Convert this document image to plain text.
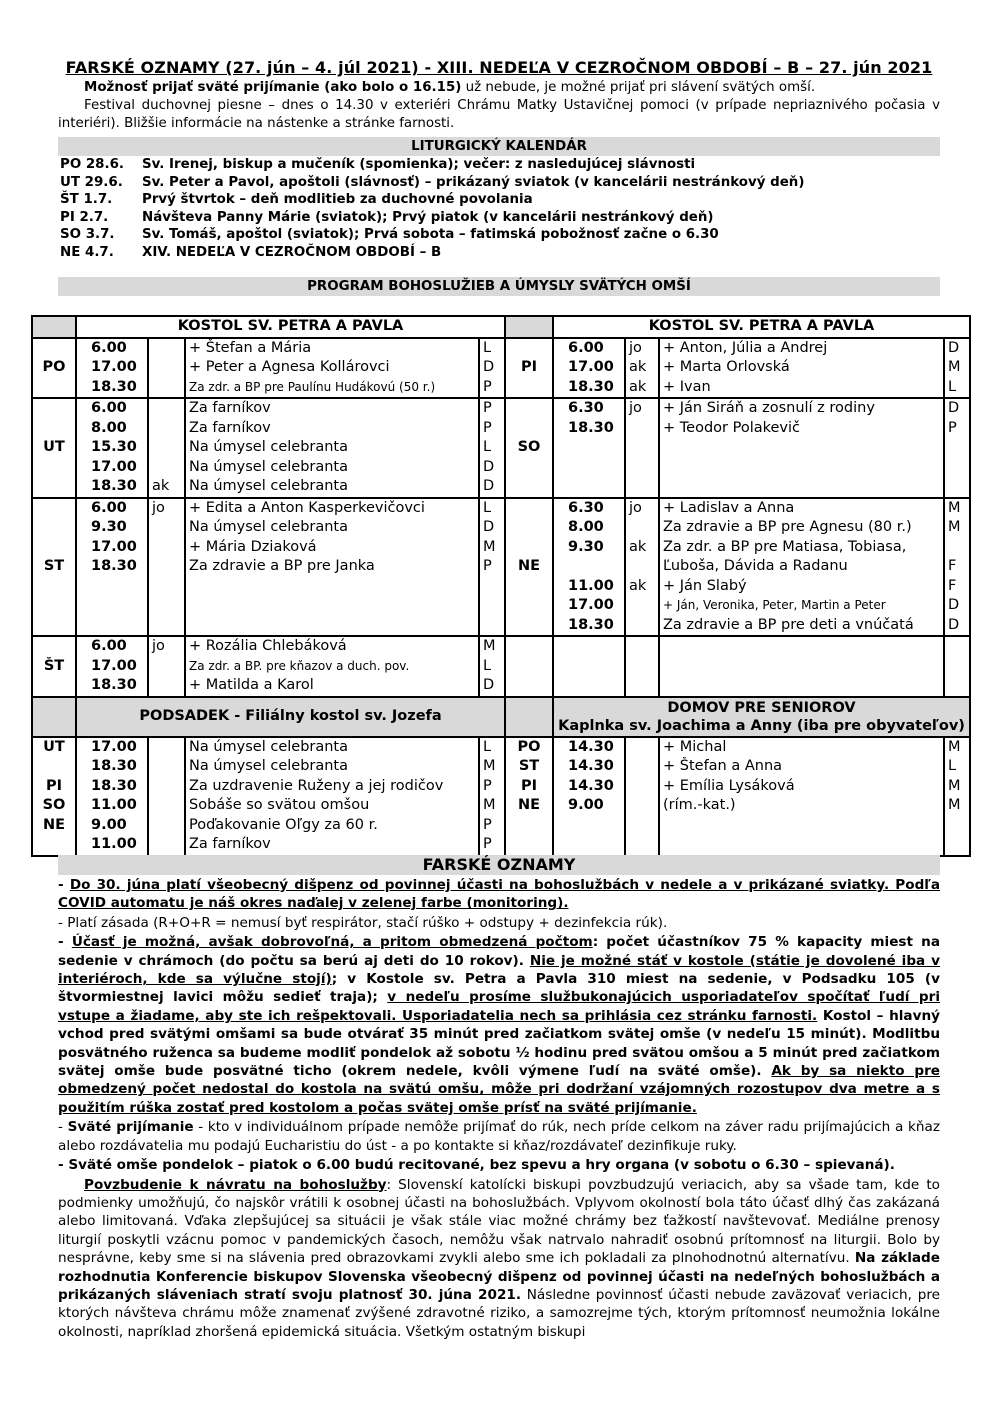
FARSKÉ OZNAMY (27. jún – 4. júl 2021) - XIII. NEDEĽA V CEZROČNOM OBDOBÍ – B – 27. jún 2021

Možnosť prijať sväté prijímanie (ako bolo o 16.15) už nebude, je možné prijať pri slávení svätých omší.

Festival duchovnej piesne – dnes o 14.30 v exteriéri Chrámu Matky Ustavičnej pomoci (v prípade nepriaznivého počasia v interiéri). Bližšie informácie na nástenke a stránke farnosti.

LITURGICKÝ KALENDÁR
PO 28.6.	Sv. Irenej, biskup a mučeník (spomienka); večer: z nasledujúcej slávnosti
UT 29.6.	Sv. Peter a Pavol, apoštoli (slávnosť) – prikázaný sviatok (v kancelárii nestránkový deň)
ŠT 1.7.	Prvý štvrtok – deň modlitieb za duchovné povolania
PI 2.7.	Návšteva Panny Márie (sviatok); Prvý piatok (v kancelárii nestránkový deň)
SO 3.7.	Sv. Tomáš, apoštol (sviatok); Prvá sobota – fatimská pobožnosť začne o 6.30
NE 4.7.	XIV. NEDEĽA V CEZROČNOM OBDOBÍ – B
PROGRAM BOHOSLUŽIEB A ÚMYSLY SVÄTÝCH OMŠÍ
	KOSTOL SV. PETRA A PAVLA					KOSTOL SV. PETRA A PAVLA			
	6.00		+ Štefan a Mária	L		6.00	jo	+ Anton, Júlia a Andrej	D
PO	17.00		+ Peter a Agnesa Kollárovci	D	PI	17.00	ak	+ Marta Orlovská	M
	18.30		Za zdr. a BP pre Paulínu Hudákovú (50 r.)	P		18.30	ak	+ Ivan	L
	6.00		Za farníkov	P		6.30	jo	+ Ján Siráň a zosnulí z rodiny	D
	8.00		Za farníkov	P		18.30		+ Teodor Polakevič	P
UT	15.30		Na úmysel celebranta	L	SO				
	17.00		Na úmysel celebranta	D					
	18.30	ak	Na úmysel celebranta	D					
	6.00	jo	+ Edita a Anton Kasperkevičovci	L		6.30	jo	+ Ladislav a Anna	M
	9.30		Na úmysel celebranta	D		8.00		Za zdravie a BP pre Agnesu (80 r.)	M
	17.00		+ Mária Dziaková	M		9.30	ak	Za zdr. a BP pre Matiasa, Tobiasa,	
ST	18.30		Za zdravie a BP pre Janka	P	NE			Ľuboša, Dávida a Radanu	F
						11.00	ak	+ Ján Slabý	F
						17.00		+ Ján, Veronika, Peter, Martin a Peter	D
						18.30		Za zdravie a BP pre deti a vnúčatá	D
	6.00	jo	+ Rozália Chlebáková	M					
ŠT	17.00		Za zdr. a BP. pre kňazov a duch. pov.	L					
	18.30		+ Matilda a Karol	D					
	PODSADEK - Filiálny kostol sv. Jozefa					DOMOV PRE SENIOROV
Kaplnka sv. Joachima a Anny (iba pre obyvateľov)			

UT	17.00		Na úmysel celebranta	L	PO	14.30		+ Michal	M
	18.30		Na úmysel celebranta	M	ST	14.30		+ Štefan a Anna	L
PI	18.30		Za uzdravenie Ruženy a jej rodičov	P	PI	14.30		+ Emília Lysáková	M
SO	11.00		Sobáše so svätou omšou	M	NE	9.00		(rím.-kat.)	M
NE	9.00		Poďakovanie Oľgy za 60 r.	P					
	11.00		Za farníkov	P					
FARSKÉ OZNAMY

- Do 30. júna platí všeobecný dišpenz od povinnej účasti na bohoslužbách v nedele a v prikázané sviatky. Podľa COVID automatu je náš okres naďalej v zelenej farbe (monitoring).

- Platí zásada (R+O+R = nemusí byť respirátor, stačí rúško + odstupy + dezinfekcia rúk).

- Účasť je možná, avšak dobrovoľná, a pritom obmedzená počtom: počet účastníkov 75 % kapacity miest na sedenie v chrámoch (do počtu sa berú aj deti do 10 rokov). Nie je možné stáť v kostole (státie je dovolené iba v interiéroch, kde sa výlučne stojí); v Kostole sv. Petra a Pavla 310 miest na sedenie, v Podsadku 105 (v štvormiestnej lavici môžu sedieť traja); v nedeľu prosíme službukonajúcich usporiadateľov spočítať ľudí pri vstupe a žiadame, aby ste ich rešpektovali. Usporiadatelia nech sa prihlásia cez stránku farnosti. Kostol – hlavný vchod pred svätými omšami sa bude otvárať 35 minút pred začiatkom svätej omše (v nedeľu 15 minút). Modlitbu posvätného ruženca sa budeme modliť pondelok až sobotu ½ hodinu pred svätou omšou a 5 minút pred začiatkom svätej omše bude posvätné ticho (okrem nedele, kvôli výmene ľudí na sväté omše). Ak by sa niekto pre obmedzený počet nedostal do kostola na svätú omšu, môže pri dodržaní vzájomných rozostupov dva metre a s použitím rúška zostať pred kostolom a počas svätej omše prísť na sväté prijímanie.

- Sväté prijímanie - kto v individuálnom prípade nemôže prijímať do rúk, nech príde celkom na záver radu prijímajúcich a kňaz alebo rozdávatelia mu podajú Eucharistiu do úst - a po kontakte si kňaz/rozdávateľ dezinfikuje ruky.

- Sväté omše pondelok – piatok o 6.00 budú recitované, bez spevu a hry organa (v sobotu o 6.30 – spievaná).

Povzbudenie k návratu na bohoslužby: Slovenskí katolícki biskupi povzbudzujú veriacich, aby sa všade tam, kde to podmienky umožňujú, čo najskôr vrátili k osobnej účasti na bohoslužbách. Vplyvom okolností bola táto účasť dlhý čas zakázaná alebo limitovaná. Vďaka zlepšujúcej sa situácii je však stále viac možné chrámy bez ťažkostí navštevovať. Mediálne prenosy liturgií poskytli vzácnu pomoc v pandemických časoch, nemôžu však natrvalo nahradiť osobnú prítomnosť na liturgii. Bolo by nesprávne, keby sme si na slávenia pred obrazovkami zvykli alebo sme ich pokladali za plnohodnotnú alternatívu. Na základe rozhodnutia Konferencie biskupov Slovenska všeobecný dišpenz od povinnej účasti na nedeľných bohoslužbách a prikázaných sláveniach stratí svoju platnosť 30. júna 2021. Následne povinnosť účasti nebude zaväzovať veriacich, pre ktorých návšteva chrámu môže znamenať zvýšené zdravotné riziko, a samozrejme tých, ktorým prítomnosť neumožnia lokálne okolnosti, napríklad zhoršená epidemická situácia. Všetkým ostatným biskupi
